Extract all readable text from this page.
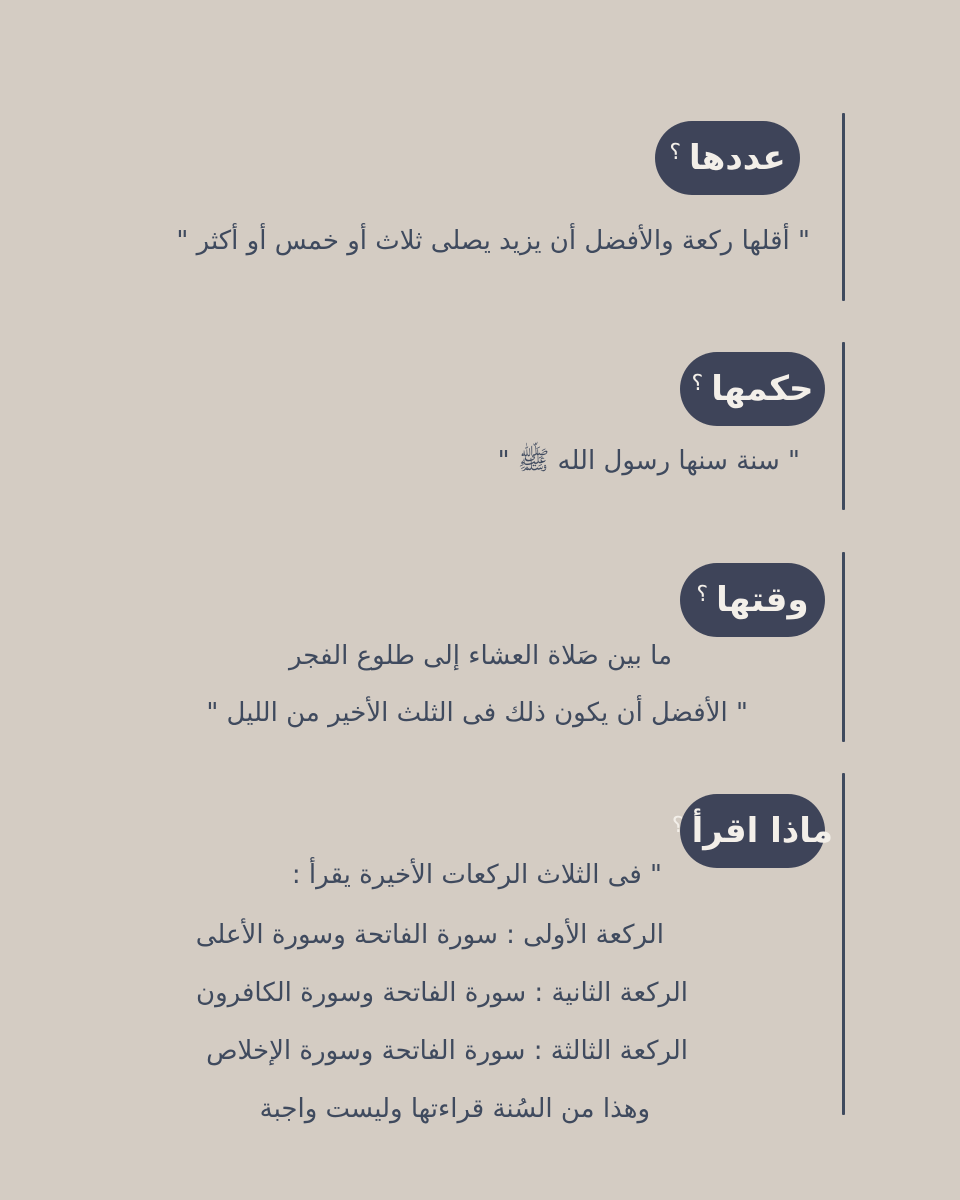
عددها
؟
" أقلها ركعة والأفضل أن يزيد يصلى ثلاث أو خمس أو أكثر "
حكمها
؟
" سنة سنها رسول الله ﷺ "
وقتها
؟
ما بين صَلاة العشاء إلى طلوع الفجر
" الأفضل أن يكون ذلك فى الثلث الأخير من الليل "
ماذا اقرأ
؟
" فى الثلاث الركعات الأخيرة يقرأ :
الركعة الأولى : سورة الفاتحة وسورة الأعلى
الركعة الثانية : سورة الفاتحة وسورة الكافرون
الركعة الثالثة : سورة الفاتحة وسورة الإخلاص
وهذا من السُنة قراءتها وليست واجبة
